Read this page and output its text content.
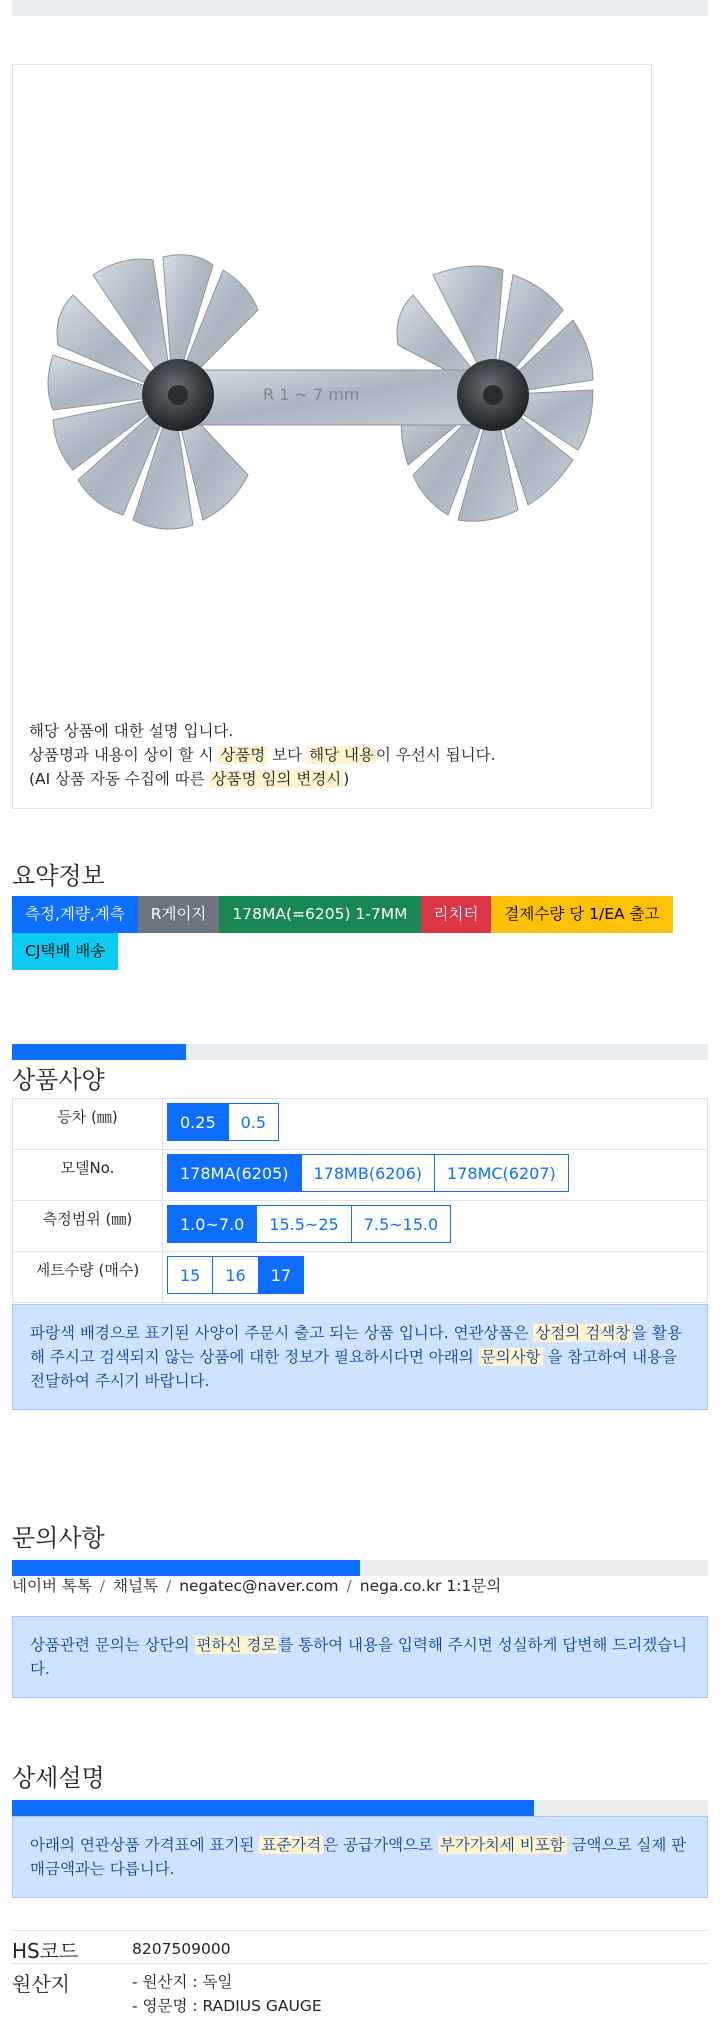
R 1 ~ 7 mm
해당 상품에 대한 설명 입니다.
상품명과 내용이 상이 할 시 상품명 보다 해당 내용 이 우선시 됩니다.
(AI 상품 자동 수집에 따른 상품명 임의 변경시 )
요약정보
측정,계량,계측	R게이지	178MA(=6205) 1-7MM	리치터	결제수량 당 1/EA 출고
CJ택배 배송
상품사양
등차 (㎜)	0.25 0.5

모델No.	178MA(6205) 178MB(6206) 178MC(6207)

측정범위 (㎜)	1.0~7.0 15.5~25 7.5~15.0

세트수량 (매수)	15 16 17
파랑색 배경으로 표기된 사양이 주문시 출고 되는 상품 입니다. 연관상품은 상점의 검색창 을 활용해 주시고 검색되지 않는 상품에 대한 정보가 필요하시다면 아래의 문의사항 을 참고하여 내용을 전달하여 주시기 바랍니다.
문의사항
네이버 톡톡 / 채널톡 / negatec@naver.com / nega.co.kr 1:1문의
상품관련 문의는 상단의 편하신 경로 를 통하여 내용을 입력해 주시면 성실하게 답변해 드리겠습니다.
상세설명
아래의 연관상품 가격표에 표기된 표준가격 은 공급가액으로 부가가치세 비포함 금액으로 실제 판매금액과는 다릅니다.
HS코드	8207509000
원산지	- 원산지 : 독일
- 영문명 : RADIUS GAUGE
